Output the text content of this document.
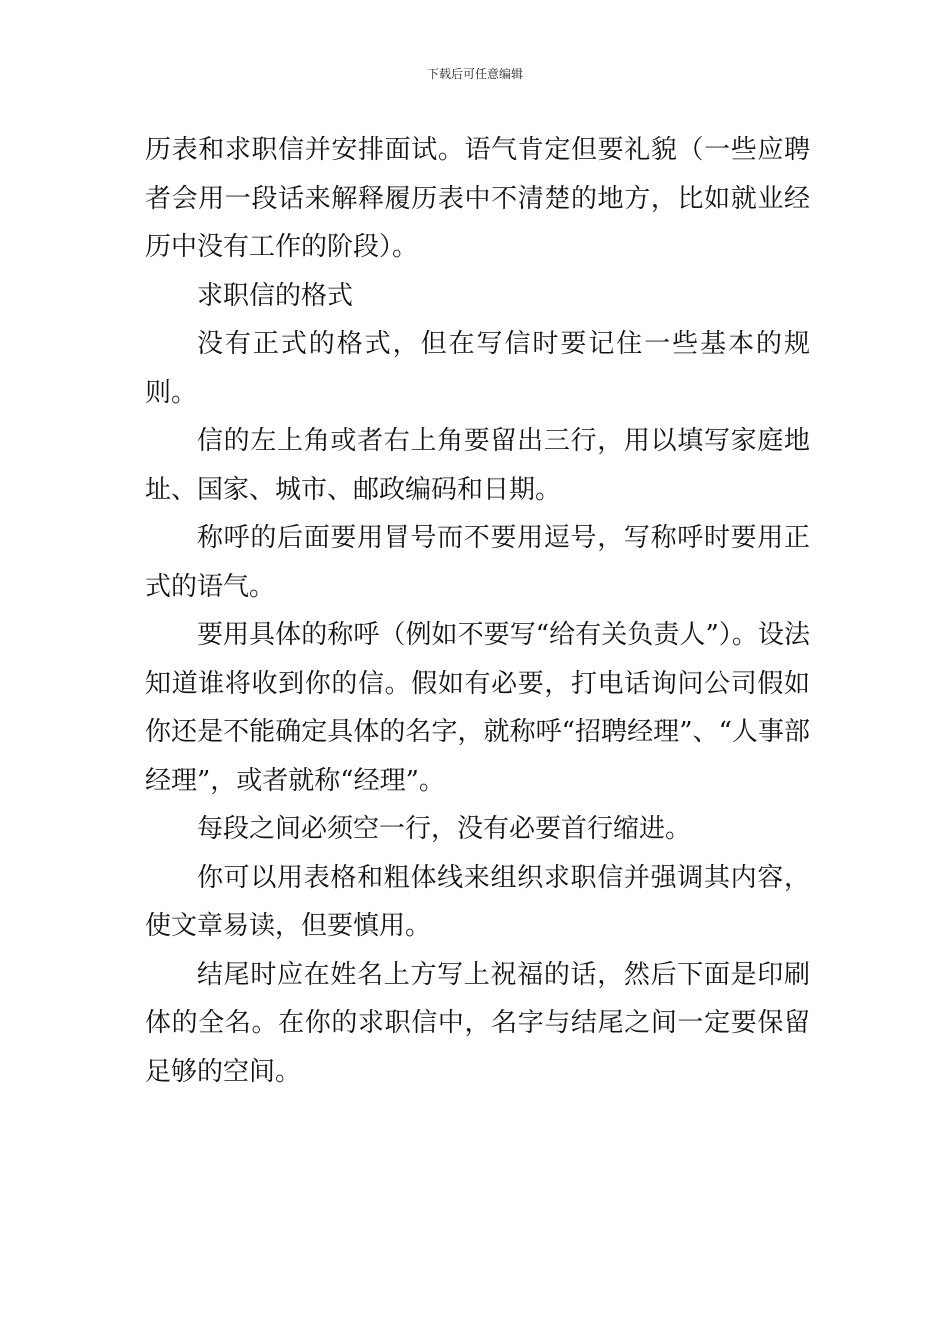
下载后可任意编辑

历表和求职信并安排面试。语气肯定但要礼貌（一些应聘者会用一段话来解释履历表中不清楚的地方，比如就业经历中没有工作的阶段）。

求职信的格式

没有正式的格式，但在写信时要记住一些基本的规则。

信的左上角或者右上角要留出三行，用以填写家庭地址、国家、城市、邮政编码和日期。

称呼的后面要用冒号而不要用逗号，写称呼时要用正式的语气。

要用具体的称呼（例如不要写“给有关负责人”）。设法知道谁将收到你的信。假如有必要，打电话询问公司假如你还是不能确定具体的名字，就称呼“招聘经理”、“人事部经理”，或者就称“经理”。

每段之间必须空一行，没有必要首行缩进。

你可以用表格和粗体线来组织求职信并强调其内容，使文章易读，但要慎用。

结尾时应在姓名上方写上祝福的话，然后下面是印刷体的全名。在你的求职信中，名字与结尾之间一定要保留足够的空间。
